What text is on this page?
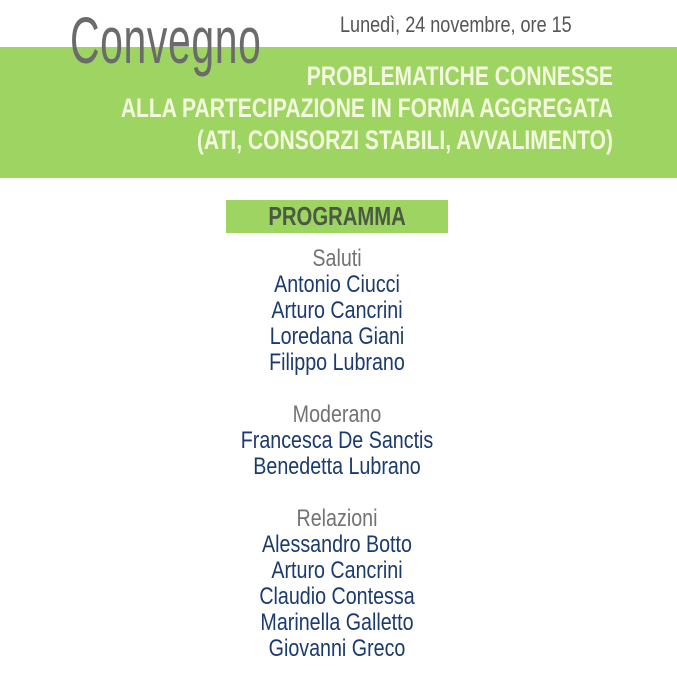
Convegno	Lunedì, 24 novembre, ore 15
PROBLEMATICHE CONNESSE
ALLA PARTECIPAZIONE IN FORMA AGGREGATA
(ATI, CONSORZI STABILI, AVVALIMENTO)
PROGRAMMA
Saluti
Antonio Ciucci
Arturo Cancrini
Loredana Giani
Filippo Lubrano
Moderano
Francesca De Sanctis
Benedetta Lubrano
Relazioni
Alessandro Botto
Arturo Cancrini
Claudio Contessa
Marinella Galletto
Giovanni Greco
